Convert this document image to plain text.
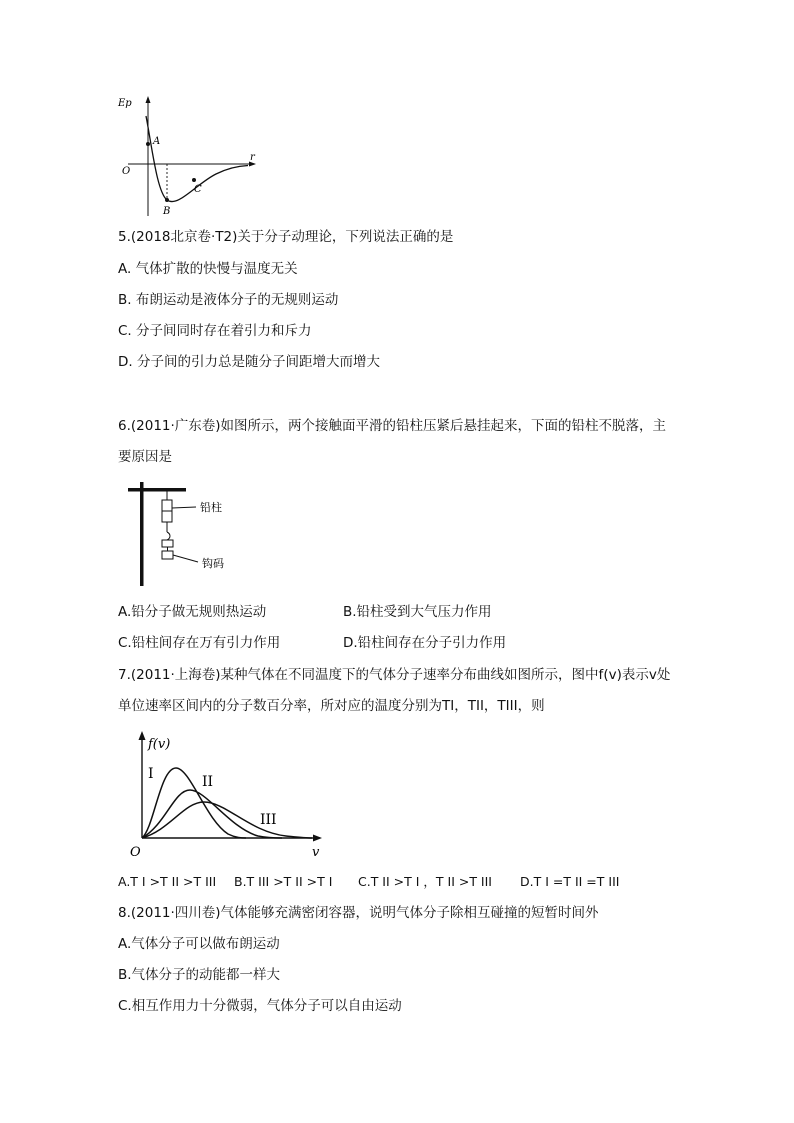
Ep
r
O
A
B
C
5.(2018北京卷·T2)关于分子动理论，下列说法正确的是
A. 气体扩散的快慢与温度无关
B. 布朗运动是液体分子的无规则运动
C. 分子间同时存在着引力和斥力
D. 分子间的引力总是随分子间距增大而增大
6.(2011·广东卷)如图所示，两个接触面平滑的铅柱压紧后悬挂起来，下面的铅柱不脱落，主
要原因是
铅柱
钩码
A.铅分子做无规则热运动	B.铅柱受到大气压力作用
C.铅柱间存在万有引力作用	D.铅柱间存在分子引力作用
7.(2011·上海卷)某种气体在不同温度下的气体分子速率分布曲线如图所示，图中f(v)表示v处
单位速率区间内的分子数百分率，所对应的温度分别为TI，TII，TIII，则
f(v)
v
O
I	II
III
A.T I >T II >T III B.T III >T II >T I C.T II >T I ，T II >T III D.T I =T II =T III
8.(2011·四川卷)气体能够充满密闭容器，说明气体分子除相互碰撞的短暂时间外
A.气体分子可以做布朗运动
B.气体分子的动能都一样大
C.相互作用力十分微弱，气体分子可以自由运动
